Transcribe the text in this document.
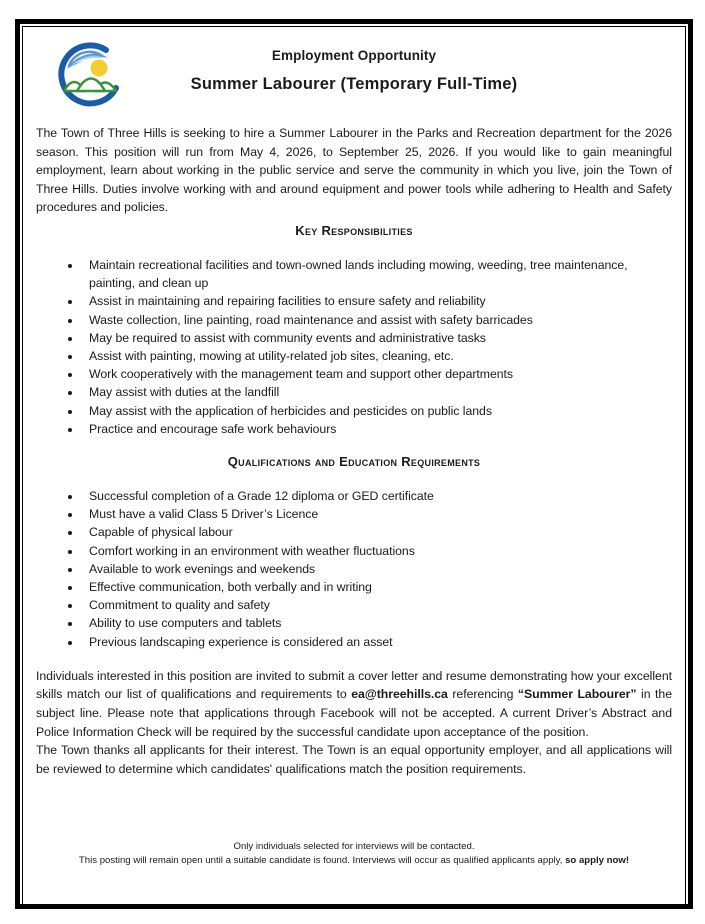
Employment Opportunity
Summer Labourer (Temporary Full-Time)

The Town of Three Hills is seeking to hire a Summer Labourer in the Parks and Recreation department for the 2026 season. This position will run from May 4, 2026, to September 25, 2026. If you would like to gain meaningful employment, learn about working in the public service and serve the community in which you live, join the Town of Three Hills. Duties involve working with and around equipment and power tools while adhering to Health and Safety procedures and policies.

Key Responsibilities
• Maintain recreational facilities and town-owned lands including mowing, weeding, tree maintenance, painting, and clean up
• Assist in maintaining and repairing facilities to ensure safety and reliability
• Waste collection, line painting, road maintenance and assist with safety barricades
• May be required to assist with community events and administrative tasks
• Assist with painting, mowing at utility-related job sites, cleaning, etc.
• Work cooperatively with the management team and support other departments
• May assist with duties at the landfill
• May assist with the application of herbicides and pesticides on public lands
• Practice and encourage safe work behaviours
Qualifications and Education Requirements
• Successful completion of a Grade 12 diploma or GED certificate
• Must have a valid Class 5 Driver’s Licence
• Capable of physical labour
• Comfort working in an environment with weather fluctuations
• Available to work evenings and weekends
• Effective communication, both verbally and in writing
• Commitment to quality and safety
• Ability to use computers and tablets
• Previous landscaping experience is considered an asset

Individuals interested in this position are invited to submit a cover letter and resume demonstrating how your excellent skills match our list of qualifications and requirements to ea@threehills.ca referencing “Summer Labourer” in the subject line. Please note that applications through Facebook will not be accepted. A current Driver’s Abstract and Police Information Check will be required by the successful candidate upon acceptance of the position.

The Town thanks all applicants for their interest. The Town is an equal opportunity employer, and all applications will be reviewed to determine which candidates' qualifications match the position requirements.

Only individuals selected for interviews will be contacted.
This posting will remain open until a suitable candidate is found. Interviews will occur as qualified applicants apply, so apply now!
